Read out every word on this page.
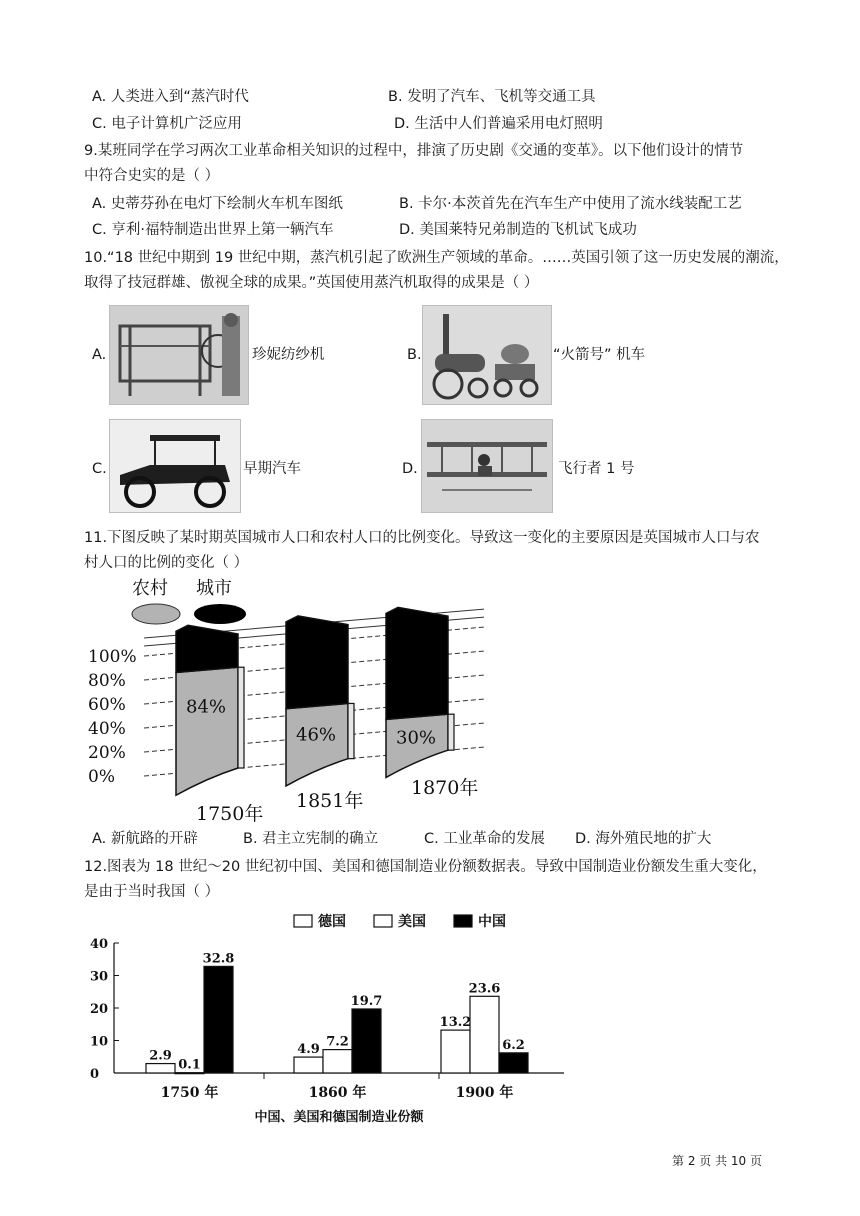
A. 人类进入到“蒸汽时代	B. 发明了汽车、飞机等交通工具
C. 电子计算机广泛应用	D. 生活中人们普遍采用电灯照明
9.某班同学在学习两次工业革命相关知识的过程中，排演了历史剧《交通的变革》。以下他们设计的情节
中符合史实的是（ ）
A. 史蒂芬孙在电灯下绘制火车机车图纸	B. 卡尔·本茨首先在汽车生产中使用了流水线装配工艺
C. 亨利·福特制造出世界上第一辆汽车	D. 美国莱特兄弟制造的飞机试飞成功
10.“18 世纪中期到 19 世纪中期，蒸汽机引起了欧洲生产领域的革命。……英国引领了这一历史发展的潮流，
取得了技冠群雄、傲视全球的成果。”英国使用蒸汽机取得的成果是（ ）
A.	珍妮纺纱机	B.	“火箭号” 机车
C.	早期汽车	D.	飞行者 1 号
11.下图反映了某时期英国城市人口和农村人口的比例变化。导致这一变化的主要原因是英国城市人口与农
村人口的比例的变化（ ）
84%
46%	30%
100%
80%
60%
40%
20%
0%
1750年
1851年
1870年
农村 城市
A. 新航路的开辟	B. 君主立宪制的确立	C. 工业革命的发展 D. 海外殖民地的扩大
12.图表为 18 世纪～20 世纪初中国、美国和德国制造业份额数据表。导致中国制造业份额发生重大变化，
是由于当时我国（ ）
德国	美国	中国
40
30
20
10
0
2.9
0.1
32.8
1750 年
4.9 7.2
19.7
1860 年
13.2
23.6
6.2
1900 年
中国、美国和德国制造业份额
第 2 页 共 10 页
